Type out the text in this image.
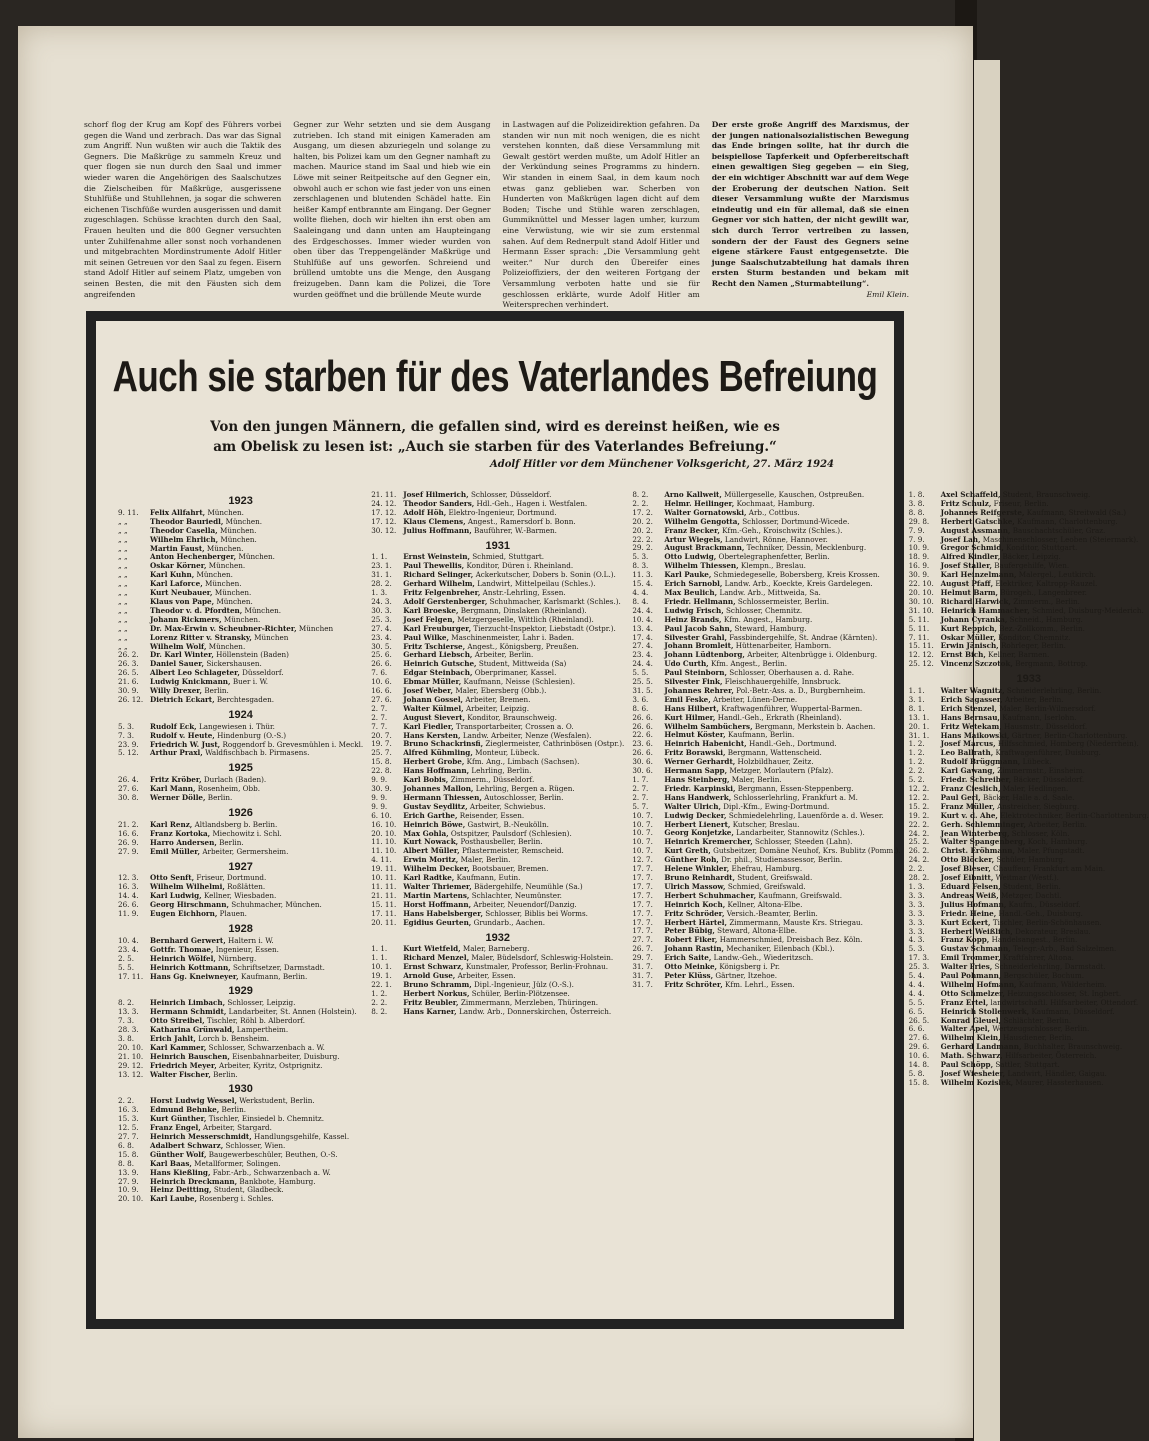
schorf flog der Krug am Kopf des Führers vorbei gegen die Wand und zerbrach. Das war das Signal zum Angriff. Nun wußten wir auch die Taktik des Gegners. Die Maßkrüge zu sammeln Kreuz und quer flogen sie nun durch den Saal und immer wieder waren die Angehörigen des Saalschutzes die Zielscheiben für Maßkrüge, ausgerissene Stuhlfüße und Stuhllehnen, ja sogar die schweren eichenen Tischfüße wurden ausgerissen und damit zugeschlagen. Schüsse krachten durch den Saal, Frauen heulten und die 800 Gegner versuchten unter Zuhilfenahme aller sonst noch vorhandenen und mitgebrachten Mordinstrumente Adolf Hitler mit seinen Getreuen vor den Saal zu fegen. Eisern stand Adolf Hitler auf seinem Platz, umgeben von seinen Besten, die mit den Fäusten sich dem angreifenden
Gegner zur Wehr setzten und sie dem Ausgang zutrieben. Ich stand mit einigen Kameraden am Ausgang, um diesen abzuriegeln und solange zu halten, bis Polizei kam um den Gegner namhaft zu machen. Maurice stand im Saal und hieb wie ein Löwe mit seiner Reitpeitsche auf den Gegner ein, obwohl auch er schon wie fast jeder von uns einen zerschlagenen und blutenden Schädel hatte. Ein heißer Kampf entbrannte am Eingang. Der Gegner wollte fliehen, doch wir hielten ihn erst oben am Saaleingang und dann unten am Haupteingang des Erdgeschosses. Immer wieder wurden von oben über das Treppengeländer Maßkrüge und Stuhlfüße auf uns geworfen. Schreiend und brüllend umtobte uns die Menge, den Ausgang freizugeben. Dann kam die Polizei, die Tore wurden geöffnet und die brüllende Meute wurde
in Lastwagen auf die Polizeidirektion gefahren. Da standen wir nun mit noch wenigen, die es nicht verstehen konnten, daß diese Versammlung mit Gewalt gestört werden mußte, um Adolf Hitler an der Verkündung seines Programms zu hindern. Wir standen in einem Saal, in dem kaum noch etwas ganz geblieben war. Scherben von Hunderten von Maßkrügen lagen dicht auf dem Boden; Tische und Stühle waren zerschlagen, Gummiknüttel und Messer lagen umher, kurzum eine Verwüstung, wie wir sie zum erstenmal sahen. Auf dem Rednerpult stand Adolf Hitler und Hermann Esser sprach: „Die Versammlung geht weiter.“ Nur durch den Übereifer eines Polizeioffiziers, der den weiteren Fortgang der Versammlung verboten hatte und sie für geschlossen erklärte, wurde Adolf Hitler am Weitersprechen verhindert.
Der erste große Angriff des Marxismus, der der jungen nationalsozialistischen Bewegung das Ende bringen sollte, hat ihr durch die beispiellose Tapferkeit und Opferbereitschaft einen gewaltigen Sieg gegeben — ein Sieg, der ein wichtiger Abschnitt war auf dem Wege der Eroberung der deutschen Nation. Seit dieser Versammlung wußte der Marxismus eindeutig und ein für allemal, daß sie einen Gegner vor sich hatten, der nicht gewillt war, sich durch Terror vertreiben zu lassen, sondern der der Faust des Gegners seine eigene stärkere Faust entgegensetzte. Die junge Saalschutzabteilung hat damals ihren ersten Sturm bestanden und bekam mit Recht den Namen „Sturmabteilung“.
Emil Klein.
Auch sie starben für des Vaterlandes Befreiung
Von den jungen Männern, die gefallen sind, wird es dereinst heißen, wie es
am Obelisk zu lesen ist: „Auch sie starben für des Vaterlandes Befreiung.“
Adolf Hitler vor dem Münchener Volksgericht, 27. März 1924
1923
9. 11. Felix Allfahrt, München.
„ „	Theodor Bauriedl, München.
„ „	Theodor Casella, München.
„ „	Wilhelm Ehrlich, München.
„ „	Martin Faust, München.
„ „	Anton Hechenberger, München.
„ „	Oskar Körner, München.
„ „	Karl Kuhn, München.
„ „	Karl Laforce, München.
„ „	Kurt Neubauer, München.
„ „	Klaus von Pape, München.
„ „	Theodor v. d. Pfordten, München.
„ „	Johann Rickmers, München.
„ „	Dr. Max-Erwin v. Scheubner-Richter, München
„ „	Lorenz Ritter v. Stransky, München
„ „	Wilhelm Wolf, München.
26. 2. Dr. Karl Winter, Höllenstein (Baden)
26. 3. Daniel Sauer, Sickershausen.
26. 5. Albert Leo Schlageter, Düsseldorf.
21. 6. Ludwig Knickmann, Buer i. W.
30. 9. Willy Drexer, Berlin.
26. 12. Dietrich Eckart, Berchtesgaden.
1924
5. 3. Rudolf Eck, Langewiesen i. Thür.
7. 3. Rudolf v. Heute, Hindenburg (O.-S.)
23. 9. Friedrich W. Just, Roggendorf b. Grevesmühlen i. Meckl.
5. 12. Arthur Praxl, Waldfischbach b. Pirmasens.
1925
26. 4. Fritz Kröber, Durlach (Baden).
27. 6. Karl Mann, Rosenheim, Obb.
30. 8. Werner Dölle, Berlin.
1926
21. 2. Karl Renz, Altlandsberg b. Berlin.
16. 6. Franz Kortoka, Miechowitz i. Schl.
26. 9. Harro Andersen, Berlin.
27. 9. Emil Müller, Arbeiter, Germersheim.
1927
12. 3. Otto Senft, Friseur, Dortmund.
16. 3. Wilhelm Wilhelmi, Roßlätten.
14. 4. Karl Ludwig, Kellner, Wiesbaden.
26. 6. Georg Hirschmann, Schuhmacher, München.
11. 9. Eugen Eichhorn, Plauen.
1928
10. 4. Bernhard Gerwert, Haltern i. W.
23. 4. Gottfr. Thomae, Ingenieur, Essen.
2. 5. Heinrich Wölfel, Nürnberg.
5. 5. Heinrich Kottmann, Schriftsetzer, Darmstadt.
17. 11. Hans Gg. Kneiwneyer, Kaufmann, Berlin.
1929
8. 2. Heinrich Limbach, Schlosser, Leipzig.
13. 3. Hermann Schmidt, Landarbeiter, St. Annen (Holstein).
7. 3. Otto Streibel, Tischler, Röhl b. Alberdorf.
28. 3. Katharina Grünwald, Lampertheim.
3. 8. Erich Jahlt, Lorch b. Bensheim.
20. 10. Karl Kammer, Schlosser, Schwarzenbach a. W.
21. 10. Heinrich Bauschen, Eisenbahnarbeiter, Duisburg.
29. 12. Friedrich Meyer, Arbeiter, Kyritz, Ostprignitz.
13. 12. Walter Fischer, Berlin.
1930
2. 2. Horst Ludwig Wessel, Werkstudent, Berlin.
16. 3. Edmund Behnke, Berlin.
15. 3. Kurt Günther, Tischler, Einsiedel b. Chemnitz.
12. 5. Franz Engel, Arbeiter, Stargard.
27. 7. Heinrich Messerschmidt, Handlungsgehilfe, Kassel.
6. 8. Adalbert Schwarz, Schlosser, Wien.
15. 8. Günther Wolf, Baugewerbeschüler, Beuthen, O.-S.
8. 8. Karl Baas, Metallformer, Solingen.
13. 9. Hans Kießling, Fabr.-Arb., Schwarzenbach a. W.
27. 9. Heinrich Dreckmann, Bankbote, Hamburg.
10. 9. Heinz Deitting, Student, Gladbeck.
20. 10. Karl Laube, Rosenberg i. Schles.
21. 11. Josef Hilmerich, Schlosser, Düsseldorf.
24. 12. Theodor Sanders, Hdl.-Geh., Hagen i. Westfalen.
17. 12. Adolf Höh, Elektro-Ingenieur, Dortmund.
17. 12. Klaus Clemens, Angest., Ramersdorf b. Bonn.
30. 12. Julius Hoffmann, Bauführer, W.-Barmen.
1931
1. 1. Ernst Weinstein, Schmied, Stuttgart.
23. 1. Paul Thewellis, Konditor, Düren i. Rheinland.
31. 1. Richard Selinger, Ackerkutscher, Dobers b. Sonin (O.L.).
28. 2. Gerhard Wilhelm, Landwirt, Mittelpeilau (Schles.).
1. 3. Fritz Felgenbreher, Anstr.-Lehrling, Essen.
24. 3. Adolf Gerstenberger, Schuhmacher, Karlsmarkt (Schles.).
30. 3. Karl Broeske, Bergmann, Dinslaken (Rheinland).
25. 3. Josef Felgen, Metzgergeselle, Wittlich (Rheinland).
27. 4. Karl Freuburger, Tierzucht-Inspektor, Liebstadt (Ostpr.).
23. 4. Paul Wilke, Maschinenmeister, Lahr i. Baden.
30. 5. Fritz Tschierse, Angest., Königsberg, Preußen.
25. 6. Gerhard Liebsch, Arbeiter, Berlin.
26. 6. Heinrich Gutsche, Student, Mittweida (Sa)
7. 6. Edgar Steinbach, Oberprimaner, Kassel.
10. 6. Ebmar Müller, Kaufmann, Neisse (Schlesien).
16. 6. Josef Weber, Maler, Ebersberg (Obb.).
27. 6. Johann Gossel, Arbeiter, Bremen.
2. 7. Walter Külmel, Arbeiter, Leipzig.
2. 7. August Sievert, Konditor, Braunschweig.
7. 7. Karl Fiedler, Transportarbeiter, Crossen a. O.
20. 7. Hans Kersten, Landw. Arbeiter, Nenze (Wesfalen).
19. 7. Bruno Schackrinsfi, Zieglermeister, Cathrinbösen (Ostpr.).
25. 7. Alfred Kühmling, Monteur, Lübeck.
15. 8. Herbert Grobe, Kfm. Ang., Limbach (Sachsen).
22. 8. Hans Hoffmann, Lehrling, Berlin.
9. 9. Karl Bobis, Zimmerm., Düsseldorf.
30. 9. Johannes Mallon, Lehrling, Bergen a. Rügen.
9. 9. Hermann Thiessen, Autoschlosser, Berlin.
9. 9. Gustav Seydlitz, Arbeiter, Schwiebus.
6. 10. Erich Garthe, Reisender, Essen.
16. 10. Heinrich Böwe, Gastwirt, B.-Neukölln.
20. 10. Max Gohla, Ostspitzer, Paulsdorf (Schlesien).
11. 10. Kurt Nowack, Posthausbeller, Berlin.
11. 10. Albert Müller, Pflastermeister, Remscheid.
4. 11. Erwin Moritz, Maler, Berlin.
19. 11. Wilhelm Decker, Bootsbauer, Bremen.
10. 11. Karl Radtke, Kaufmann, Eutin.
11. 11. Walter Thriemer, Bädergehilfe, Neumühle (Sa.)
21. 11. Martin Martens, Schlachter, Neumünster.
15. 11. Horst Hoffmann, Arbeiter, Neuendorf/Danzig.
17. 11. Hans Habelsberger, Schlosser, Biblis bei Worms.
20. 11. Egidius Geurten, Grundarb., Aachen.
1932
1. 1. Kurt Wietfeld, Maler, Barneberg.
1. 1. Richard Menzel, Maler, Büdelsdorf, Schleswig-Holstein.
10. 1. Ernst Schwarz, Kunstmaler, Professor, Berlin-Frohnau.
19. 1. Arnold Guse, Arbeiter, Essen.
22. 1. Bruno Schramm, Dipl.-Ingenieur, Jülz (O.-S.).
1. 2. Herbert Norkus, Schüler, Berlin-Plötzensee.
2. 2. Fritz Beubler, Zimmermann, Merzleben, Thüringen.
8. 2. Hans Karner, Landw. Arb., Donnerskirchen, Österreich.
8. 2. Arno Kallweit, Müllergeselle, Kauschen, Ostpreußen.
2. 2. Helmr. Heilinger, Kochmaat, Hamburg.
17. 2. Walter Gornatowski, Arb., Cottbus.
20. 2. Wilhelm Gengotta, Schlosser, Dortmund-Wicede.
20. 2. Franz Becker, Kfm.-Geh., Kroischwitz (Schles.).
22. 2. Artur Wiegels, Landwirt, Rönne, Hannover.
29. 2. August Brackmann, Techniker, Dessin, Mecklenburg.
5. 3. Otto Ludwig, Obertelegraphenfetter, Berlin.
8. 3. Wilhelm Thiessen, Klempn., Breslau.
11. 3. Karl Pauke, Schmiedegeselle, Bobersberg, Kreis Krossen.
15. 4. Erich Sarnobl, Landw. Arb., Koeckte, Kreis Gardelegen.
4. 4. Max Beulich, Landw. Arb., Mittweida, Sa.
8. 4. Friedr. Hellmann, Schlossermeister, Berlin.
24. 4. Ludwig Frisch, Schlosser, Chemnitz.
10. 4. Heinz Brands, Kfm. Angest., Hamburg.
13. 4. Paul Jacob Sahn, Steward, Hamburg.
17. 4. Silvester Grahl, Fassbindergehilfe, St. Andrae (Kärnten).
27. 4. Johann Bromleit, Hüttenarbeiter, Hamborn.
23. 4. Johann Lüdtenborg, Arbeiter, Altenbrügge i. Oldenburg.
24. 4. Udo Curth, Kfm. Angest., Berlin.
5. 5. Paul Steinborn, Schlosser, Oberhausen a. d. Rahe.
25. 5. Silvester Fink, Fleischhauergehilfe, Innsbruck.
31. 5. Johannes Rehrer, Pol.-Betr.-Ass. a. D., Burgbernheim.
3. 6. Emil Feske, Arbeiter, Lünen-Derne.
8. 6. Hans Hilbert, Kraftwagenführer, Wuppertal-Barmen.
26. 6. Kurt Hilmer, Handl.-Geh., Erkrath (Rheinland).
26. 6. Wilhelm Sambüchers, Bergmann, Merkstein b. Aachen.
22. 6. Helmut Köster, Kaufmann, Berlin.
23. 6. Heinrich Habenicht, Handl.-Geh., Dortmund.
26. 6. Fritz Borawski, Bergmann, Wattenscheid.
30. 6. Werner Gerhardt, Holzbildhauer, Zeitz.
30. 6. Hermann Sapp, Metzger, Morlautern (Pfalz).
1. 7. Hans Steinberg, Maler, Berlin.
2. 7. Friedr. Karpinski, Bergmann, Essen-Steppenberg.
2. 7. Hans Handwerk, Schlosserlehrling, Frankfurt a. M.
5. 7. Walter Ulrich, Dipl.-Kfm., Ewing-Dortmund.
10. 7. Ludwig Decker, Schmiedelehrling, Lauenförde a. d. Weser.
10. 7. Herbert Lienert, Kutscher, Breslau.
10. 7. Georg Konjetzke, Landarbeiter, Stannowitz (Schles.).
10. 7. Heinrich Kremercher, Schlosser, Steeden (Lahn).
10. 7. Kurt Greth, Gutsbeitzer, Domäne Neuhof, Krs. Bublitz (Pomm.).
12. 7. Günther Roh, Dr. phil., Studienassessor, Berlin.
17. 7. Helene Winkler, Ehefrau, Hamburg.
17. 7. Bruno Reinhardt, Student, Greifswald.
17. 7. Ulrich Massow, Schmied, Greifswald.
17. 7. Herbert Schuhmacher, Kaufmann, Greifswald.
17. 7. Heinrich Koch, Kellner, Altona-Elbe.
17. 7. Fritz Schröder, Versich.-Beamter, Berlin.
17. 7. Herbert Härtel, Zimmermann, Mauste Krs. Striegau.
17. 7. Peter Bübig, Steward, Altona-Elbe.
27. 7. Robert Fiker, Hammerschmied, Dreisbach Bez. Köln.
26. 7. Johann Rastin, Mechaniker, Eilenbach (Kbl.).
29. 7. Erich Saite, Landw.-Geh., Wiederitzsch.
31. 7. Otto Meinke, Königsberg i. Pr.
31. 7. Peter Klüss, Gärtner, Itzehoe.
31. 7. Fritz Schröter, Kfm. Lehrl., Essen.
1. 8. Axel Schaffeld, Student, Braunschweig.
3. 8. Fritz Schulz, Friseur, Berlin.
8. 8. Johannes Reifgerste, Kaufmann, Streitwald (Sa.)
29. 8. Herbert Gatschke, Kaufmann, Charlottenburg.
7. 9. August Assmann, Bauschachtschüler, Graz.
7. 9. Josef Lah, Maschinenschlosser, Leoben (Steiermark).
10. 9. Gregor Schmid, Konditor, Stuttgart.
18. 9. Alfred Kindler, Bäcker, Leipzig.
16. 9. Josef Staller, Baufergehilfe, Wien.
30. 9. Karl Heinzelmann, Malergel., Leutkirch.
22. 10. August Pfaff, Elektriker, Kaltropp-Rauzel.
20. 10. Helmut Barm, Bürogeh., Langenbreer.
30. 10. Richard Harwick, Zimmerm., Berlin.
31. 10. Heinrich Hammacher, Schmied, Duisburg-Meiderich.
5. 11. Johann Cyranka, Schneid., Hamburg.
5. 11. Kurt Reppich, Bez.-Zollkomm., Berlin.
7. 11. Oskar Müller, Konditor, Chemnitz.
15. 11. Erwin Jänisch, Rohrleger, Berlin.
12. 12. Ernst Bich, Kellner, Barmen.
25. 12. Vincenz Szczotok, Bergmann, Bottrop.
1933
1. 1. Walter Wagnitz, Schneiderlehrling, Berlin.
3. 1. Erich Sagasser, Arbeiter, Berlin.
8. 1. Erich Stenzel, Maler, Berlin-Wilmersdorf.
13. 1. Hans Bernsau, Kaufmann, Iserlohn.
20. 1. Fritz Wetekam, Hausmstr., Düsseldorf.
31. 1. Hans Maikowski, Gärtner, Berlin-Charlottenburg.
1. 2. Josef Marcus, Hilfsschmied, Homberg (Niederrhein).
1. 2. Leo Ballrath, Kraftwagenführer, Duisburg.
1. 2. Rudolf Brüggmann, Lübeck.
2. 2. Karl Gawang, Zimmermstr., Einsheim.
5. 2. Friedr. Schreiber, Bäcker, Düsseldorf.
12. 2. Franz Cieslich, Maler, Hedlingen.
12. 2. Paul Gerl, Bäcker, Halle a. d. Saale.
15. 2. Franz Müller, Anstreicher, Siegburg.
19. 2. Kurt v. d. Ahe, Elektrotechniker, Berlin-Charlottenburg.
22. 2. Gerh. Schlemminger, Arbeiter, Berlin.
24. 2. Jean Winterberg, Schlosser, Köln.
25. 2. Walter Spangenberg, Koch, Hamburg.
26. 2. Christ. Eröhmann, Maler, Pfungstadt.
24. 2. Otto Blöcker, Schüler, Hamburg.
2. 2. Josef Bleser, Chauffeur, Frankfurt am Main.
28. 2. Josef Eibnitt, Weitmar (Westf.).
1. 3. Eduard Felsen, Student, Berlin.
3. 3. Andreas Weiß, Metzger, Dachtl.
3. 3. Julius Hofmann, Kaufm., Düsseldorf.
3. 3. Friedr. Heine, Handl.-Geh., Duisburg.
3. 3. Kurt Eckert, Tischler, Berlin-Schönhausen.
3. 3. Herbert Weißlich, Dekorateur, Breslau.
4. 3. Franz Kopp, Handelsangest., Berlin.
5. 3. Gustav Schmann, Telegr.-Arb., Bad Salzelmen.
17. 3. Emil Trommer, Kraftfahrer, Altona.
25. 3. Walter Fries, Schneiderlehrling, Darmstadt.
5. 4. Paul Pohmann, Bergschüler, Bochum.
4. 4. Wilhelm Hofmann, Kaufmann, Wälderheim.
4. 4. Otto Schmelzer, Heizungsschlosser, St. Ingbert.
5. 5. Franz Ertel, landwirtschaftl. Hilfsarbeiter, Ottendorf.
6. 5. Heinrich Stollenwerk, Kaufmann, Düsseldorf.
26. 5. Konrad Gleuel, Schlächter, Berlin.
6. 6. Walter Apel, Wertzeugschlosser, Berlin.
27. 6. Wilhelm Klein, Hausdiener, Berlin.
29. 6. Gerhard Landmann, Buchhalter, Braunschweig.
10. 6. Math. Schwarz, Hilfsarbeiter, Österreich.
14. 8. Paul Schöpp, Sattler, Stuttgart.
5. 8. Josef Wiesheier, Landwirt, Händler, Gaigau.
15. 8. Wilhelm Kozislek, Maurer, Hassterhausen.
